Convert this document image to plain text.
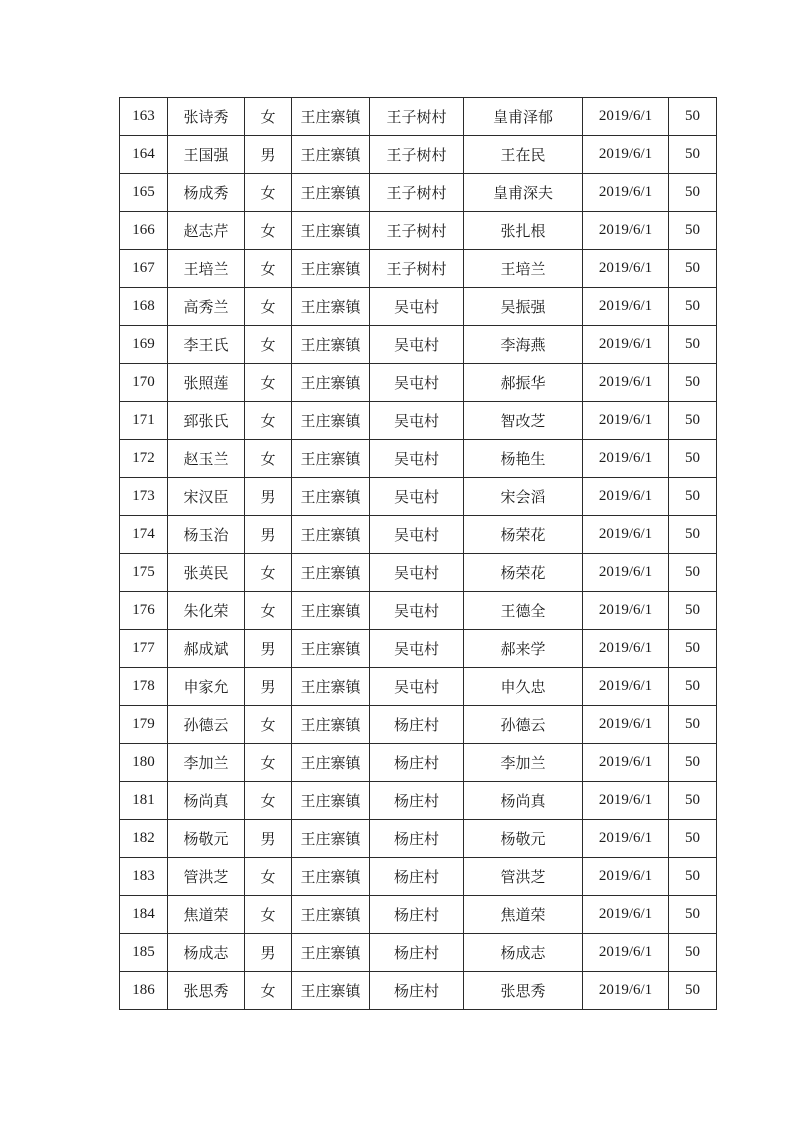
163	张诗秀	女	王庄寨镇	王子树村	皇甫泽郁	2019/6/1	50
164	王国强	男	王庄寨镇	王子树村	王在民	2019/6/1	50
165	杨成秀	女	王庄寨镇	王子树村	皇甫深夫	2019/6/1	50
166	赵志芹	女	王庄寨镇	王子树村	张扎根	2019/6/1	50
167	王培兰	女	王庄寨镇	王子树村	王培兰	2019/6/1	50
168	高秀兰	女	王庄寨镇	吴屯村	吴振强	2019/6/1	50
169	李王氏	女	王庄寨镇	吴屯村	李海燕	2019/6/1	50
170	张照莲	女	王庄寨镇	吴屯村	郝振华	2019/6/1	50
171	郅张氏	女	王庄寨镇	吴屯村	智改芝	2019/6/1	50
172	赵玉兰	女	王庄寨镇	吴屯村	杨艳生	2019/6/1	50
173	宋汉臣	男	王庄寨镇	吴屯村	宋会滔	2019/6/1	50
174	杨玉治	男	王庄寨镇	吴屯村	杨荣花	2019/6/1	50
175	张英民	女	王庄寨镇	吴屯村	杨荣花	2019/6/1	50
176	朱化荣	女	王庄寨镇	吴屯村	王德全	2019/6/1	50
177	郝成斌	男	王庄寨镇	吴屯村	郝来学	2019/6/1	50
178	申家允	男	王庄寨镇	吴屯村	申久忠	2019/6/1	50
179	孙德云	女	王庄寨镇	杨庄村	孙德云	2019/6/1	50
180	李加兰	女	王庄寨镇	杨庄村	李加兰	2019/6/1	50
181	杨尚真	女	王庄寨镇	杨庄村	杨尚真	2019/6/1	50
182	杨敬元	男	王庄寨镇	杨庄村	杨敬元	2019/6/1	50
183	管洪芝	女	王庄寨镇	杨庄村	管洪芝	2019/6/1	50
184	焦道荣	女	王庄寨镇	杨庄村	焦道荣	2019/6/1	50
185	杨成志	男	王庄寨镇	杨庄村	杨成志	2019/6/1	50
186	张思秀	女	王庄寨镇	杨庄村	张思秀	2019/6/1	50
